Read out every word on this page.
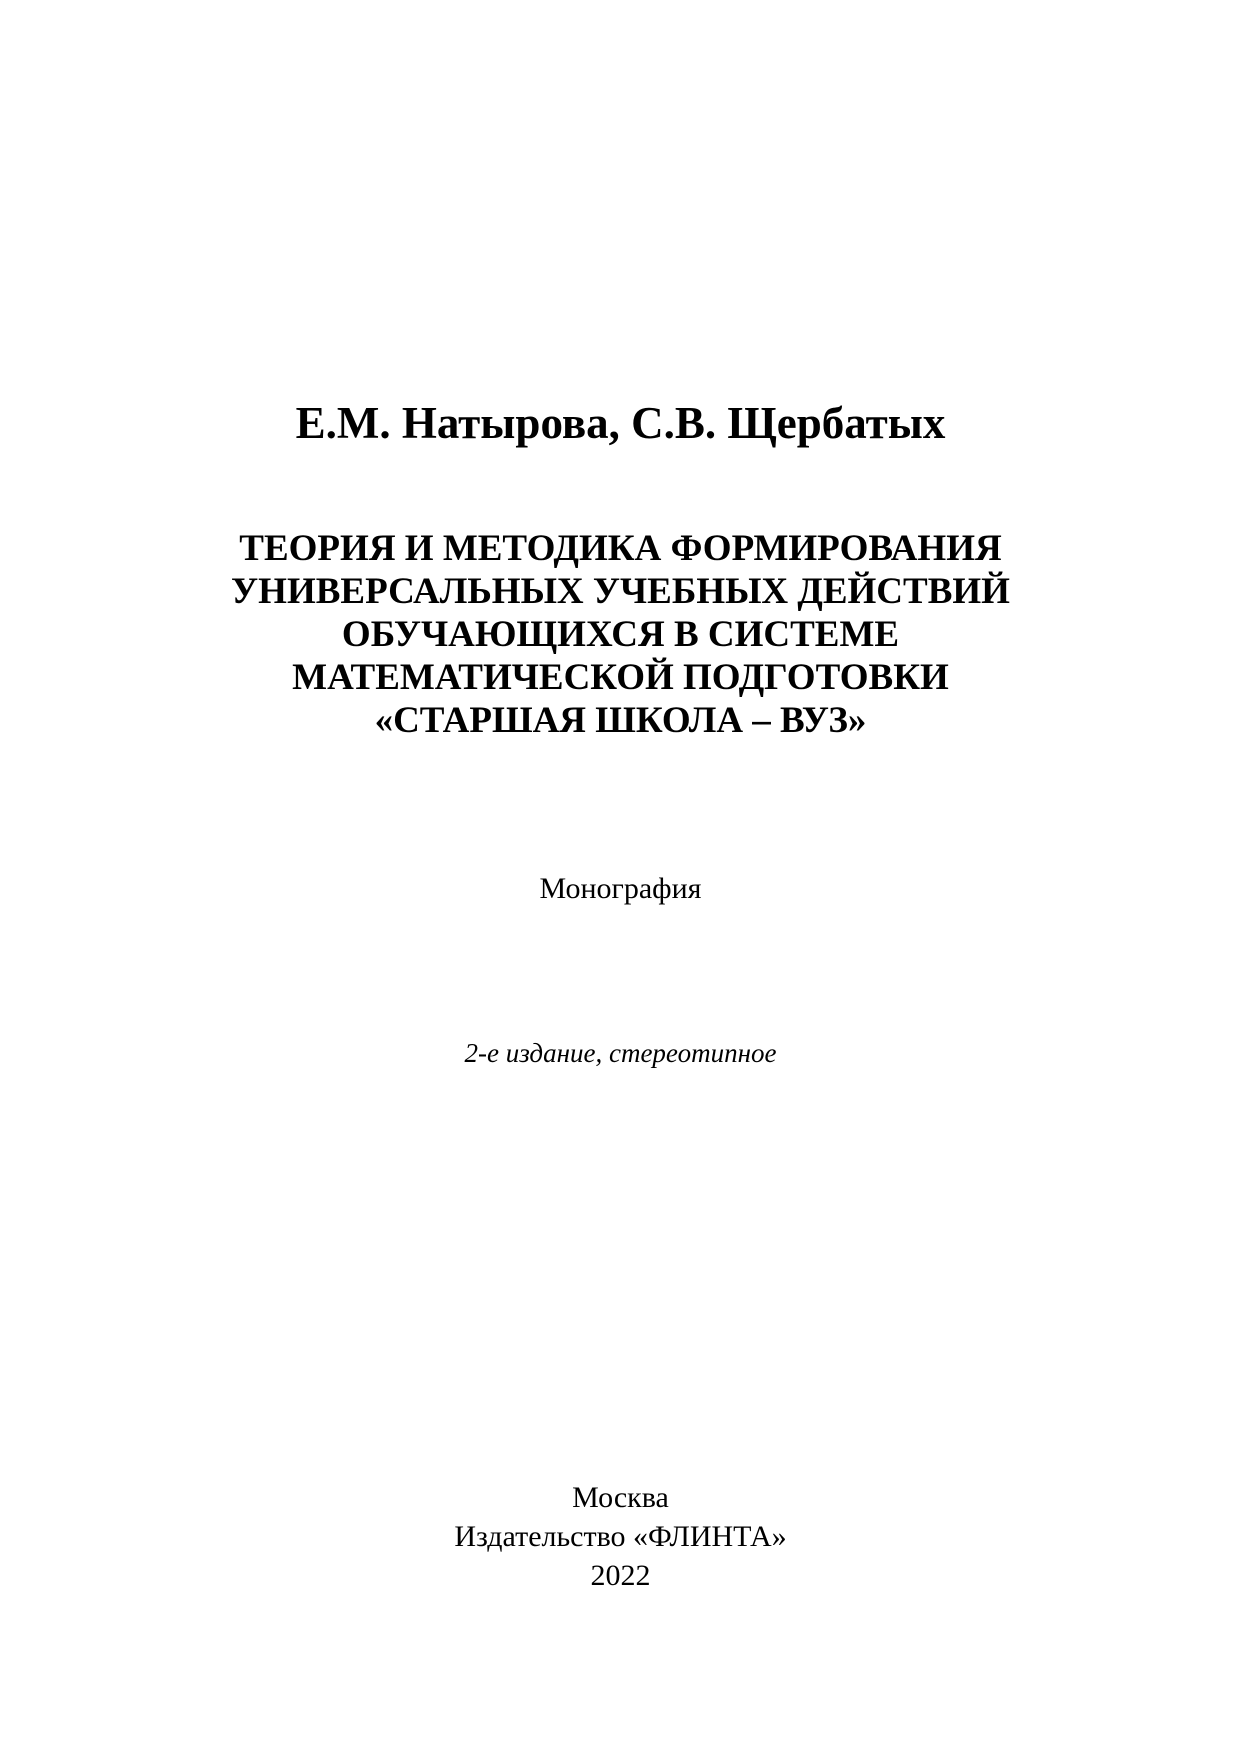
Е.М. Натырова, С.В. Щербатых
ТЕОРИЯ И МЕТОДИКА ФОРМИРОВАНИЯ
УНИВЕРСАЛЬНЫХ УЧЕБНЫХ ДЕЙСТВИЙ
ОБУЧАЮЩИХСЯ В СИСТЕМЕ
МАТЕМАТИЧЕСКОЙ ПОДГОТОВКИ
«СТАРШАЯ ШКОЛА – ВУЗ»
Монография
2-е издание, стереотипное
Москва
Издательство «ФЛИНТА»
2022
